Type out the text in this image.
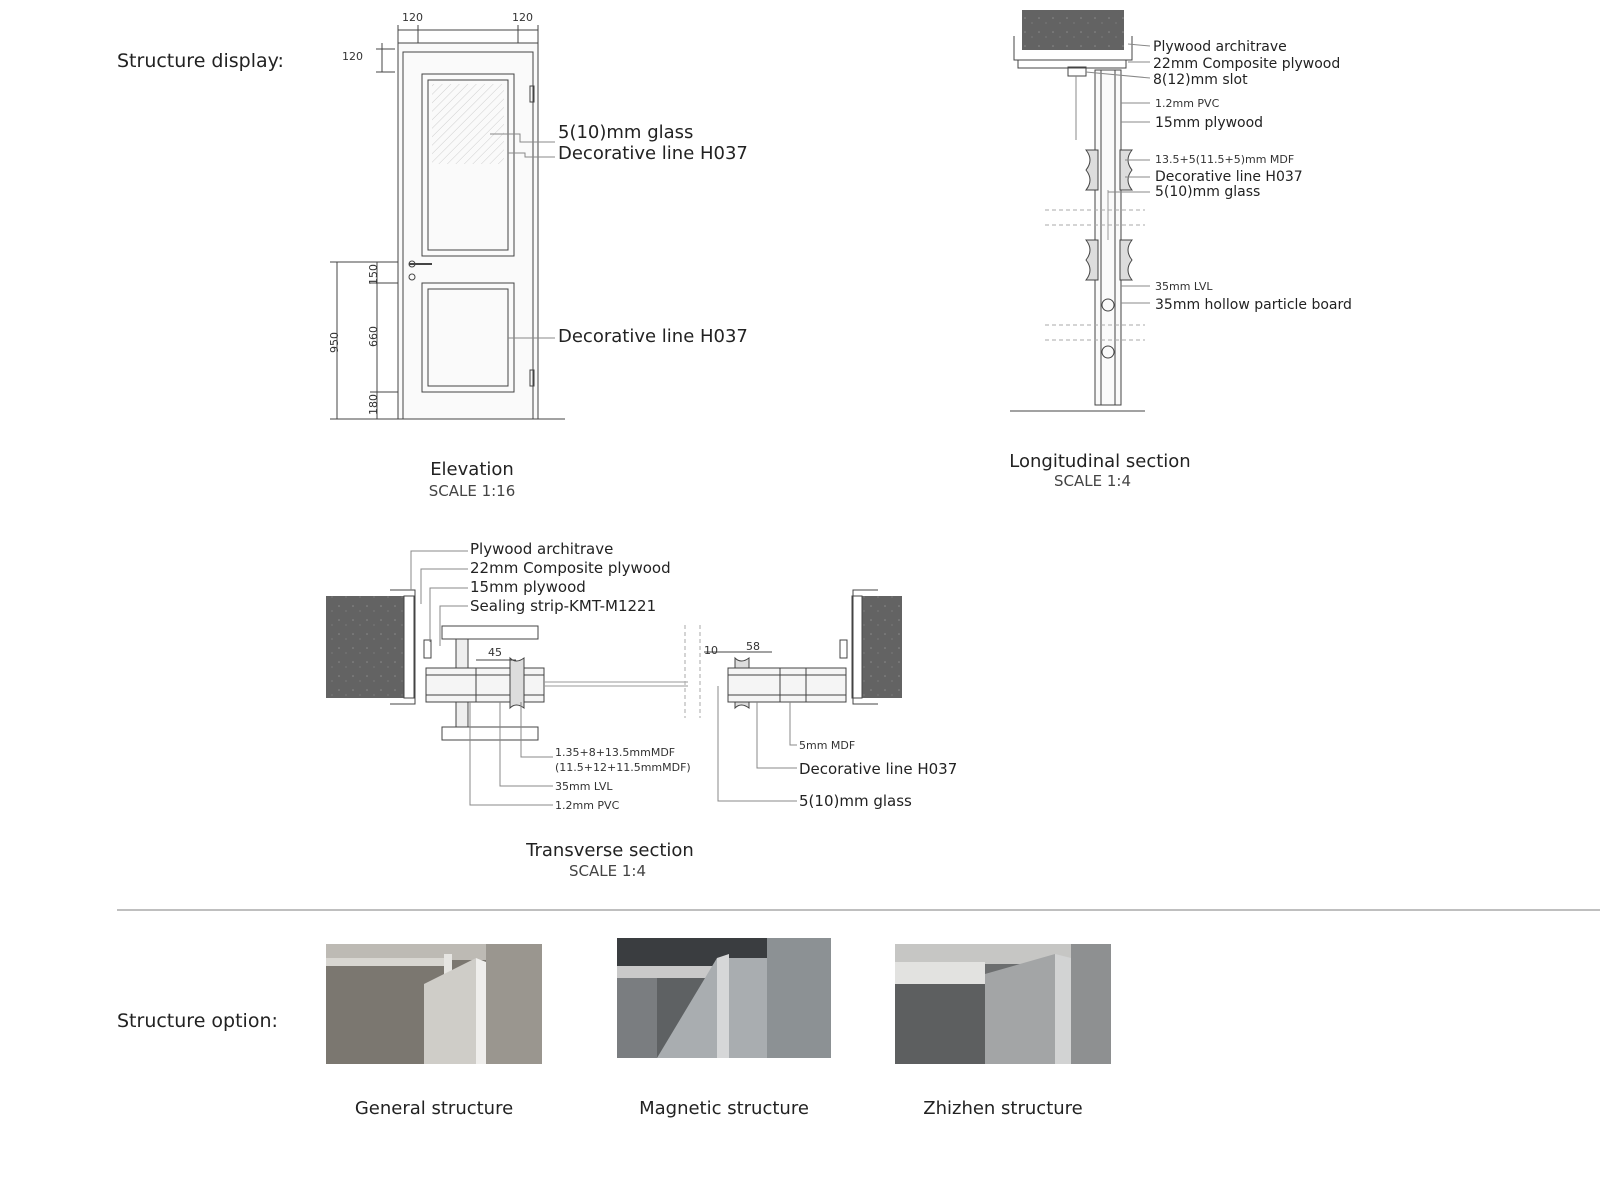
Structure display:
Structure option:
120	120
120
150
950 660
180
5(10)mm glass
Decorative line H037
Decorative line H037
Elevation
SCALE 1:16
Plywood architrave
22mm Composite plywood
8(12)mm slot
1.2mm PVC
15mm plywood
13.5+5(11.5+5)mm MDF
Decorative line H037
5(10)mm glass
35mm LVL
35mm hollow particle board
Longitudinal section
SCALE 1:4
Plywood architrave
22mm Composite plywood
15mm plywood
Sealing strip-KMT-M1221
45	10	58
1.35+8+13.5mmMDF
(11.5+12+11.5mmMDF)
35mm LVL
1.2mm PVC
5mm MDF
Decorative line H037
5(10)mm glass
Transverse section
SCALE 1:4
General structure	Magnetic structure	Zhizhen structure
